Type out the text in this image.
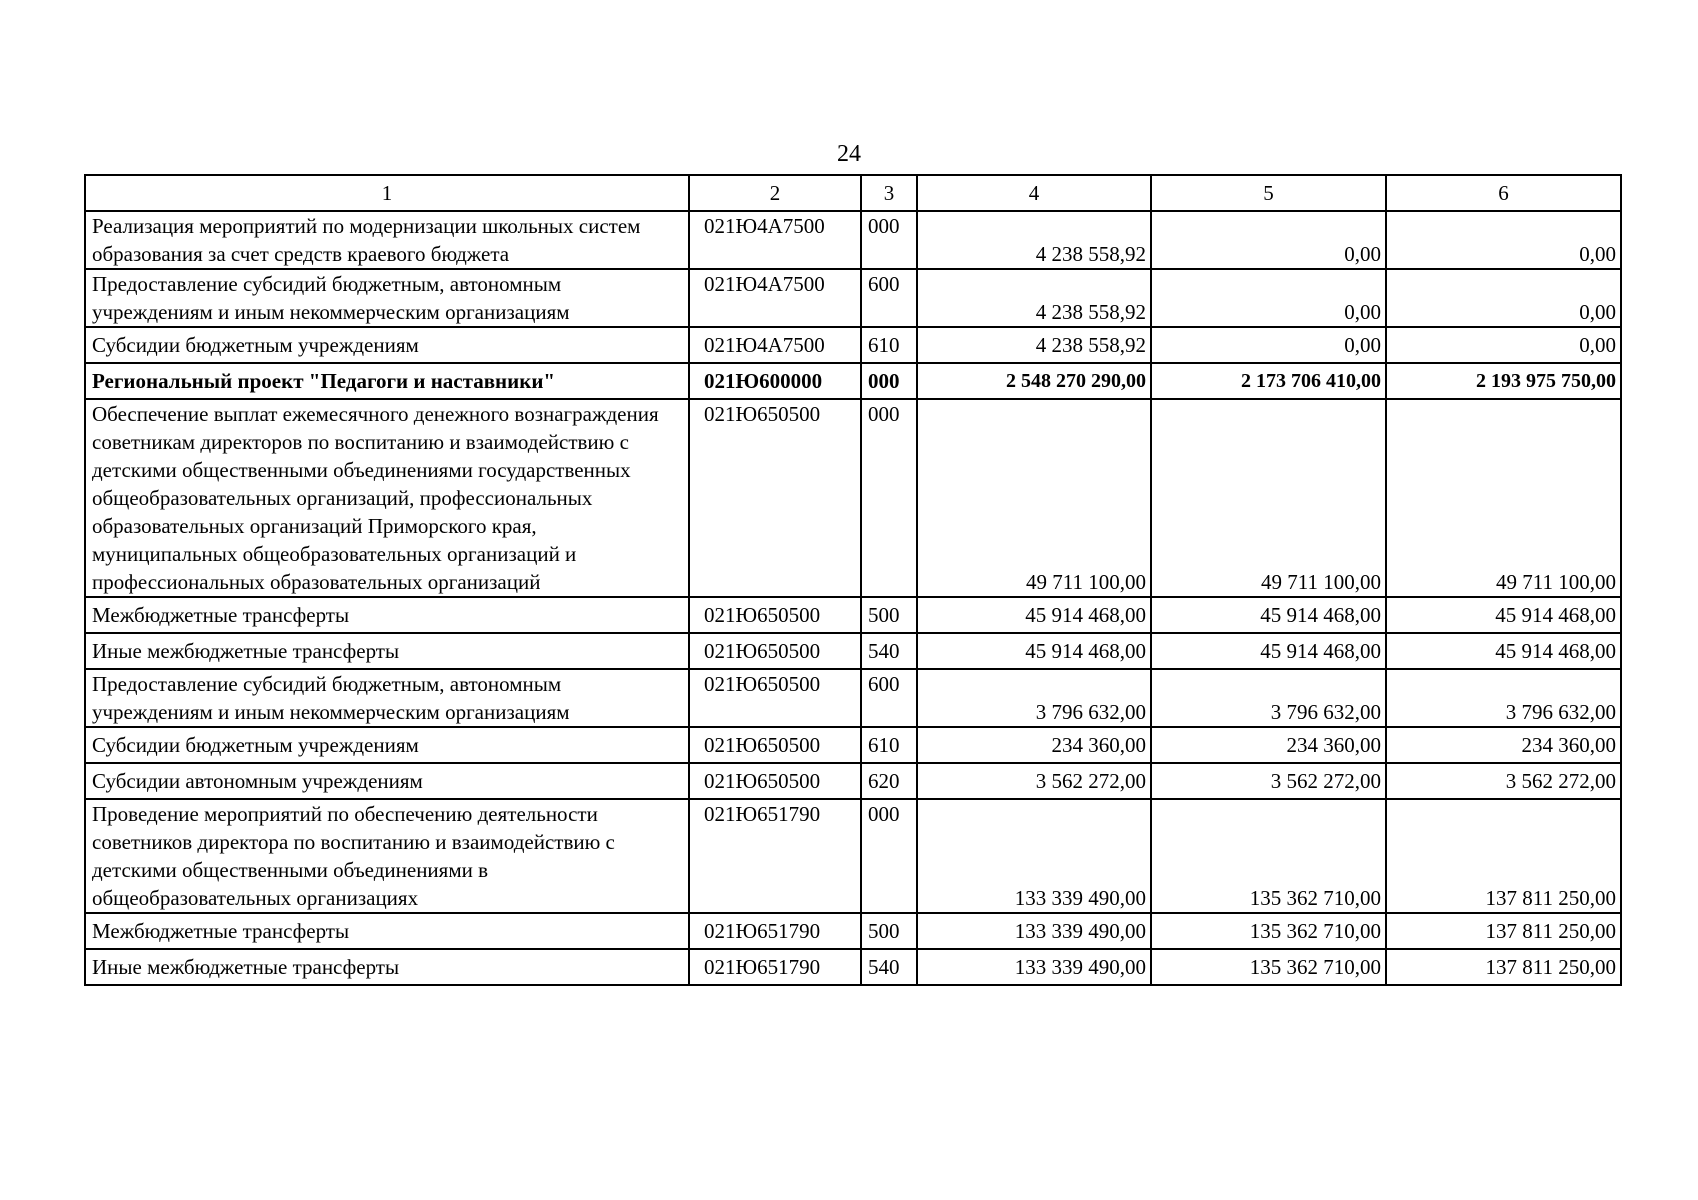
24
1	2	3	4	5	6
Реализация мероприятий по модернизации школьных систем образования за счет средств краевого бюджета	021Ю4А7500	000	4 238 558,92	0,00	0,00
Предоставление субсидий бюджетным, автономным учреждениям и иным некоммерческим организациям	021Ю4А7500	600	4 238 558,92	0,00	0,00
Субсидии бюджетным учреждениям	021Ю4А7500	610	4 238 558,92	0,00	0,00
Региональный проект "Педагоги и наставники"	021Ю600000	000	2 548 270 290,00	2 173 706 410,00	2 193 975 750,00
Обеспечение выплат ежемесячного денежного вознаграждения советникам директоров по воспитанию и взаимодействию с детскими общественными объединениями государственных общеобразовательных организаций, профессиональных образовательных организаций Приморского края, муниципальных общеобразовательных организаций и профессиональных образовательных организаций	021Ю650500	000	49 711 100,00	49 711 100,00	49 711 100,00
Межбюджетные трансферты	021Ю650500	500	45 914 468,00	45 914 468,00	45 914 468,00
Иные межбюджетные трансферты	021Ю650500	540	45 914 468,00	45 914 468,00	45 914 468,00
Предоставление субсидий бюджетным, автономным учреждениям и иным некоммерческим организациям	021Ю650500	600	3 796 632,00	3 796 632,00	3 796 632,00
Субсидии бюджетным учреждениям	021Ю650500	610	234 360,00	234 360,00	234 360,00
Субсидии автономным учреждениям	021Ю650500	620	3 562 272,00	3 562 272,00	3 562 272,00
Проведение мероприятий по обеспечению деятельности советников директора по воспитанию и взаимодействию с детскими общественными объединениями в общеобразовательных организациях	021Ю651790	000	133 339 490,00	135 362 710,00	137 811 250,00
Межбюджетные трансферты	021Ю651790	500	133 339 490,00	135 362 710,00	137 811 250,00
Иные межбюджетные трансферты	021Ю651790	540	133 339 490,00	135 362 710,00	137 811 250,00
